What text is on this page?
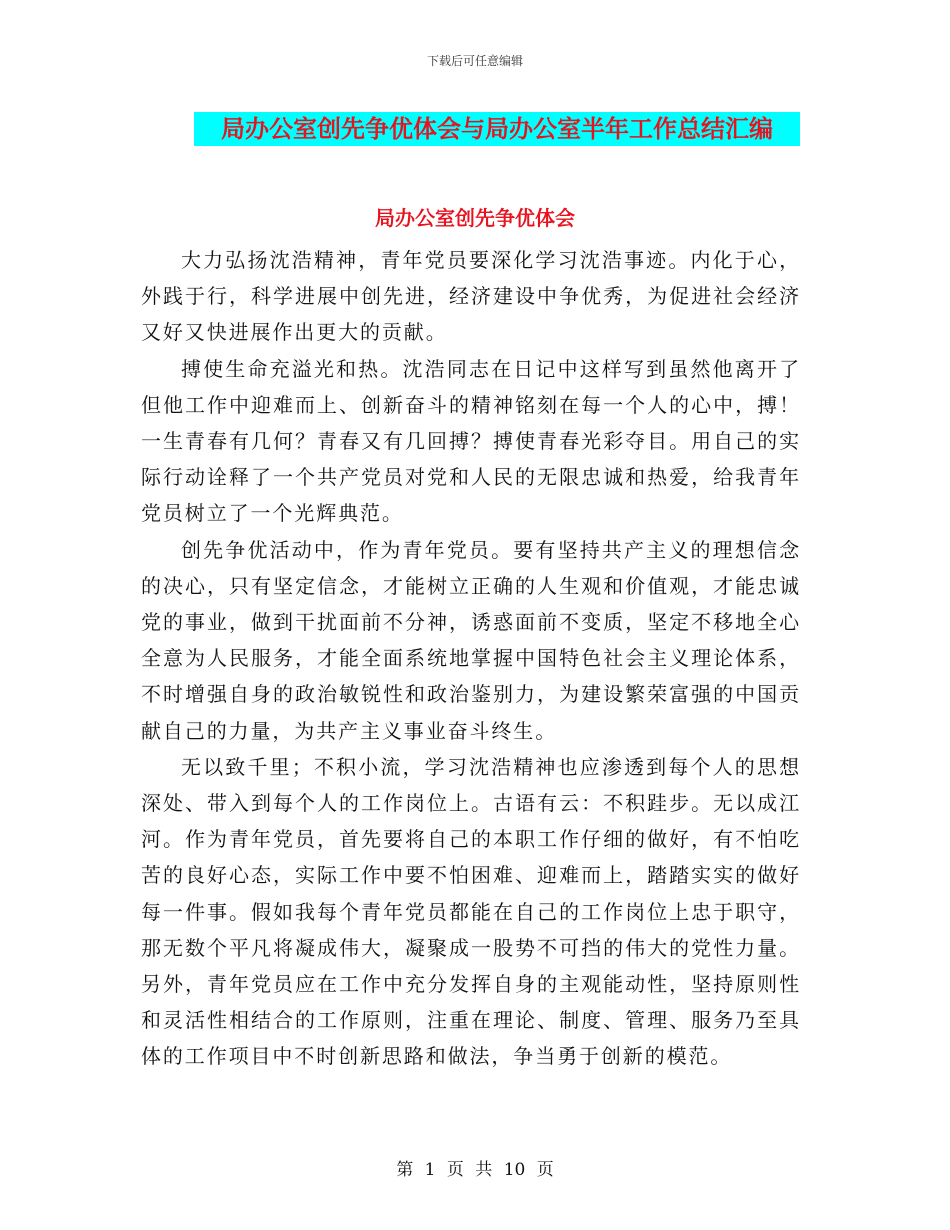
下载后可任意编辑
局办公室创先争优体会与局办公室半年工作总结汇编
局办公室创先争优体会

大力弘扬沈浩精神，青年党员要深化学习沈浩事迹。内化于心，外践于行，科学进展中创先进，经济建设中争优秀，为促进社会经济又好又快进展作出更大的贡献。

搏使生命充溢光和热。沈浩同志在日记中这样写到虽然他离开了但他工作中迎难而上、创新奋斗的精神铭刻在每一个人的心中，搏！一生青春有几何？青春又有几回搏？搏使青春光彩夺目。用自己的实际行动诠释了一个共产党员对党和人民的无限忠诚和热爱，给我青年党员树立了一个光辉典范。

创先争优活动中，作为青年党员。要有坚持共产主义的理想信念的决心，只有坚定信念，才能树立正确的人生观和价值观，才能忠诚党的事业，做到干扰面前不分神，诱惑面前不变质，坚定不移地全心全意为人民服务，才能全面系统地掌握中国特色社会主义理论体系，不时增强自身的政治敏锐性和政治鉴别力，为建设繁荣富强的中国贡献自己的力量，为共产主义事业奋斗终生。

无以致千里；不积小流，学习沈浩精神也应渗透到每个人的思想深处、带入到每个人的工作岗位上。古语有云：不积跬步。无以成江河。作为青年党员，首先要将自己的本职工作仔细的做好，有不怕吃苦的良好心态，实际工作中要不怕困难、迎难而上，踏踏实实的做好每一件事。假如我每个青年党员都能在自己的工作岗位上忠于职守，那无数个平凡将凝成伟大，凝聚成一股势不可挡的伟大的党性力量。另外，青年党员应在工作中充分发挥自身的主观能动性，坚持原则性和灵活性相结合的工作原则，注重在理论、制度、管理、服务乃至具体的工作项目中不时创新思路和做法，争当勇于创新的模范。

第 1 页 共 10 页
